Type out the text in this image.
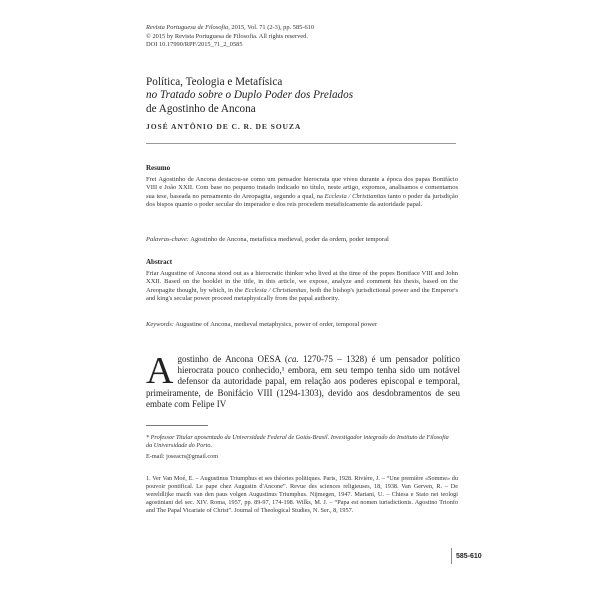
Revista Portuguesa de Filosofia, 2015, Vol. 71 (2-3), pp. 585-610
© 2015 by Revista Portuguesa de Filosofia. All rights reserved.
DOI 10.17990/RPF/2015_71_2_0585
Política, Teologia e Metafísica
no Tratado sobre o Duplo Poder dos Prelados
de Agostinho de Ancona
JOSÉ ANTÔNIO DE C. R. DE SOUZA
Resumo
Frei Agostinho de Ancona destacou-se como um pensador hierocrata que viveu durante a época dos papas Bonifácio VIII e João XXII. Com base no pequeno tratado indicado no título, neste artigo, expomos, analisamos e comentamos sua tese, baseada no pensamento do Areopagita, segundo a qual, na Ecclesia / Christianitas tanto o poder da jurisdição dos bispos quanto o poder secular do imperador e dos reis procedem metafisicamente da autoridade papal.
Palavras-chave: Agostinho de Ancona, metafísica medieval, poder da ordem, poder temporal
Abstract
Friar Augustine of Ancona stood out as a hierocratic thinker who lived at the time of the popes Boniface VIII and John XXII. Based on the booklet in the title, in this article, we expose, analyze and comment his thesis, based on the Areopagite thought, by which, in the Ecclesia / Christianitas, both the bishop's jurisdictional power and the Emperor's and king's secular power proceed metaphysically from the papal authority.
Keywords: Augustine of Ancona, medieval metaphysics, power of order, temporal power
Agostinho de Ancona OESA (ca. 1270-75 – 1328) é um pensador político hierocrata pouco conhecido,¹ embora, em seu tempo tenha sido um notável defensor da autoridade papal, em relação aos poderes episcopal e temporal, primeiramente, de Bonifácio VIII (1294-1303), devido aos desdobramentos de seu embate com Felipe IV
* Professor Titular aposentado da Universidade Federal de Goiás-Brasil. Investigador integrado do Instituto de Filosofia da Universidade do Porto.
E-mail: joseacrs@gmail.com
1. Ver Van Moé, E. – Augustinus Triumphus et ses théories politiques. Paris, 1928. Rivière, J. – “Une première «Somme» du pouvoir pontifical. Le pape chez Augustin d'Ancone”. Revue des sciences religieuses, 18, 1938. Van Gerven, R. – De wereldlijke macth van den paus volgen Augustinus Triumphus. Nijmegen, 1947. Mariani, U. – Chiesa e Stato nei teologi agostiniani del sec. XIV. Roma, 1957, pp. 89-97, 174-198. Wilks, M. J. – “Papa est nomen iurisdictionis. Agostino Trionfo and The Papal Vicariate of Christ”. Journal of Theological Studies, N. Ser., 8, 1957.
585-610
